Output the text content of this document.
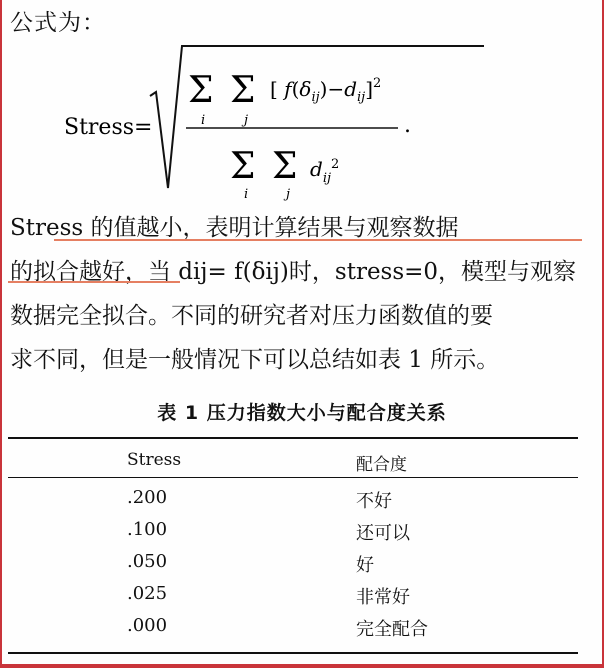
公式为：
Stress=
Σ
i
Σ
j
[ $f(\delta_{ij})-d_{ij}]^2$
Σ
i
Σ
j
$d_{ij}^2$
.
Stress 的值越小，表明计算结果与观察数据
的拟合越好，当 dij= f(δij)时，stress=0，模型与观察
数据完全拟合。不同的研究者对压力函数值的要
求不同，但是一般情况下可以总结如表 1 所示。
表 1 压力指数大小与配合度关系
Stress	配合度
.200	不好
.100	还可以
.050	好
.025	非常好
.000	完全配合
